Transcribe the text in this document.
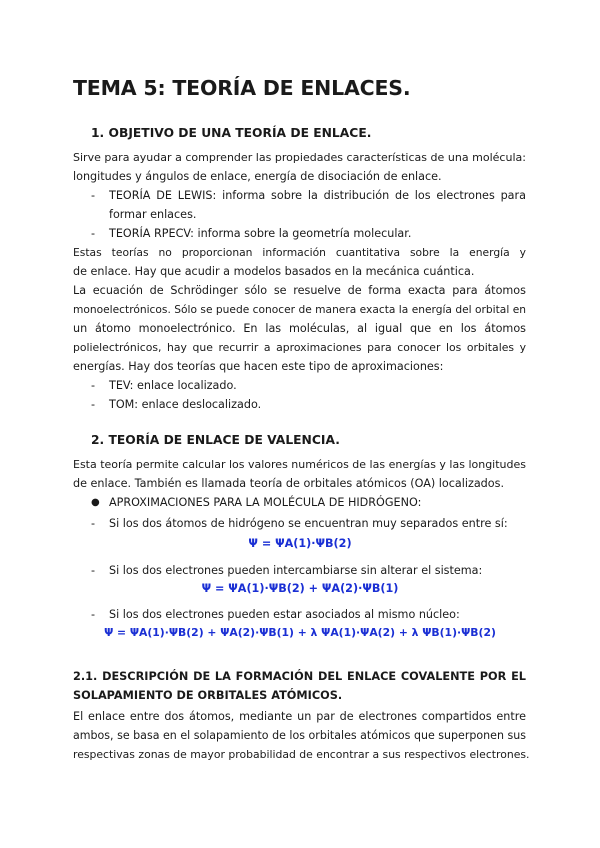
TEMA 5: TEORÍA DE ENLACES.
1. OBJETIVO DE UNA TEORÍA DE ENLACE.
Sirve para ayudar a comprender las propiedades características de una molécula:
longitudes y ángulos de enlace, energía de disociación de enlace.
- TEORÍA DE LEWIS: informa sobre la distribución de los electrones para
formar enlaces.
- TEORÍA RPECV: informa sobre la geometría molecular.
Estas teorías no proporcionan información cuantitativa sobre la energía y
de enlace. Hay que acudir a modelos basados en la mecánica cuántica.
La ecuación de Schrödinger sólo se resuelve de forma exacta para átomos
monoelectrónicos. Sólo se puede conocer de manera exacta la energía del orbital en
un átomo monoelectrónico. En las moléculas, al igual que en los átomos
polielectrónicos, hay que recurrir a aproximaciones para conocer los orbitales y
energías. Hay dos teorías que hacen este tipo de aproximaciones:
- TEV: enlace localizado.
- TOM: enlace deslocalizado.
2. TEORÍA DE ENLACE DE VALENCIA.
Esta teoría permite calcular los valores numéricos de las energías y las longitudes
de enlace. También es llamada teoría de orbitales atómicos (OA) localizados.
● APROXIMACIONES PARA LA MOLÉCULA DE HIDRÓGENO:
- Si los dos átomos de hidrógeno se encuentran muy separados entre sí:
Ψ = ΨA(1)·ΨB(2)
- Si los dos electrones pueden intercambiarse sin alterar el sistema:
Ψ = ΨA(1)·ΨB(2) + ΨA(2)·ΨB(1)
- Si los dos electrones pueden estar asociados al mismo núcleo:
Ψ = ΨA(1)·ΨB(2) + ΨA(2)·ΨB(1) + λ ΨA(1)·ΨA(2) + λ ΨB(1)·ΨB(2)
2.1. DESCRIPCIÓN DE LA FORMACIÓN DEL ENLACE COVALENTE POR EL
SOLAPAMIENTO DE ORBITALES ATÓMICOS.
El enlace entre dos átomos, mediante un par de electrones compartidos entre
ambos, se basa en el solapamiento de los orbitales atómicos que superponen sus
respectivas zonas de mayor probabilidad de encontrar a sus respectivos electrones.
